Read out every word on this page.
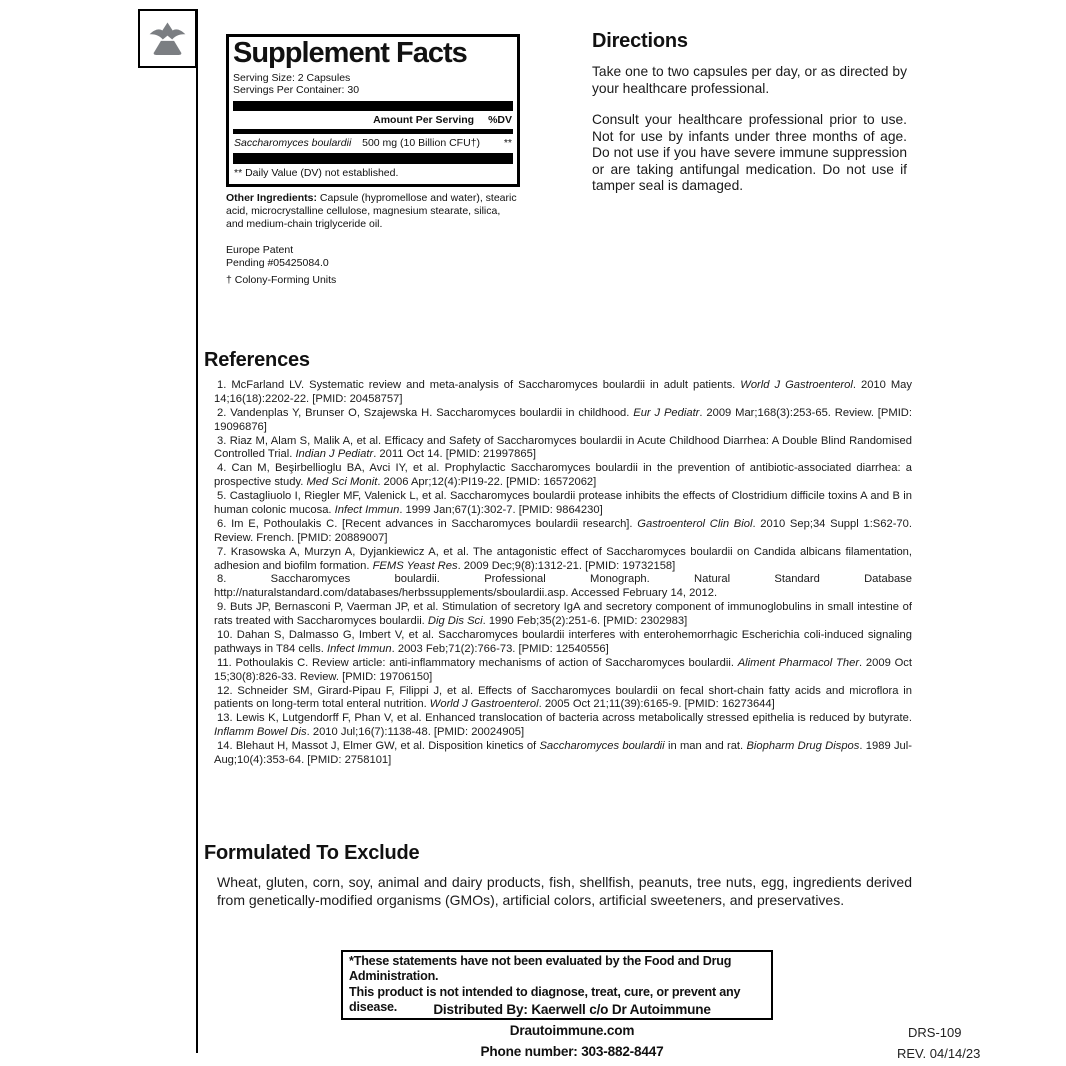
Supplement Facts
Serving Size: 2 Capsules
Servings Per Container: 30
Amount Per Serving %DV
Saccharomyces boulardii	500 mg (10 Billion CFU†)	**
** Daily Value (DV) not established.
Other Ingredients: Capsule (hypromellose and water), stearic acid, microcrystalline cellulose, magnesium stearate, silica, and medium-chain triglyceride oil.
Europe Patent
Pending #05425084.0
† Colony-Forming Units
Directions

Take one to two capsules per day, or as directed by your healthcare professional.

Consult your healthcare professional prior to use. Not for use by infants under three months of age. Do not use if you have severe immune suppression or are taking antifungal medication. Do not use if tamper seal is damaged.

References
1. McFarland LV. Systematic review and meta-analysis of Saccharomyces boulardii in adult patients. World J Gastroenterol. 2010 May 14;16(18):2202-22. [PMID: 20458757]
2. Vandenplas Y, Brunser O, Szajewska H. Saccharomyces boulardii in childhood. Eur J Pediatr. 2009 Mar;168(3):253-65. Review. [PMID: 19096876]
3. Riaz M, Alam S, Malik A, et al. Efficacy and Safety of Saccharomyces boulardii in Acute Childhood Diarrhea: A Double Blind Randomised Controlled Trial. Indian J Pediatr. 2011 Oct 14. [PMID: 21997865]
4. Can M, Beşirbellioglu BA, Avci IY, et al. Prophylactic Saccharomyces boulardii in the prevention of antibiotic-associated diarrhea: a prospective study. Med Sci Monit. 2006 Apr;12(4):PI19-22. [PMID: 16572062]
5. Castagliuolo I, Riegler MF, Valenick L, et al. Saccharomyces boulardii protease inhibits the effects of Clostridium difficile toxins A and B in human colonic mucosa. Infect Immun. 1999 Jan;67(1):302-7. [PMID: 9864230]
6. Im E, Pothoulakis C. [Recent advances in Saccharomyces boulardii research]. Gastroenterol Clin Biol. 2010 Sep;34 Suppl 1:S62-70. Review. French. [PMID: 20889007]
7. Krasowska A, Murzyn A, Dyjankiewicz A, et al. The antagonistic effect of Saccharomyces boulardii on Candida albicans filamentation, adhesion and biofilm formation. FEMS Yeast Res. 2009 Dec;9(8):1312-21. [PMID: 19732158]
8. Saccharomyces boulardii. Professional Monograph. Natural Standard Database http://naturalstandard.com/databases/herbssupplements/sboulardii.asp. Accessed February 14, 2012.
9. Buts JP, Bernasconi P, Vaerman JP, et al. Stimulation of secretory IgA and secretory component of immunoglobulins in small intestine of rats treated with Saccharomyces boulardii. Dig Dis Sci. 1990 Feb;35(2):251-6. [PMID: 2302983]
10. Dahan S, Dalmasso G, Imbert V, et al. Saccharomyces boulardii interferes with enterohemorrhagic Escherichia coli-induced signaling pathways in T84 cells. Infect Immun. 2003 Feb;71(2):766-73. [PMID: 12540556]
11. Pothoulakis C. Review article: anti-inflammatory mechanisms of action of Saccharomyces boulardii. Aliment Pharmacol Ther. 2009 Oct 15;30(8):826-33. Review. [PMID: 19706150]
12. Schneider SM, Girard-Pipau F, Filippi J, et al. Effects of Saccharomyces boulardii on fecal short-chain fatty acids and microflora in patients on long-term total enteral nutrition. World J Gastroenterol. 2005 Oct 21;11(39):6165-9. [PMID: 16273644]
13. Lewis K, Lutgendorff F, Phan V, et al. Enhanced translocation of bacteria across metabolically stressed epithelia is reduced by butyrate. Inflamm Bowel Dis. 2010 Jul;16(7):1138-48. [PMID: 20024905]
14. Blehaut H, Massot J, Elmer GW, et al. Disposition kinetics of Saccharomyces boulardii in man and rat. Biopharm Drug Dispos. 1989 Jul-Aug;10(4):353-64. [PMID: 2758101]
Formulated To Exclude

Wheat, gluten, corn, soy, animal and dairy products, fish, shellfish, peanuts, tree nuts, egg, ingredients derived from genetically-modified organisms (GMOs), artificial colors, artificial sweeteners, and preservatives.

*These statements have not been evaluated by the Food and Drug Administration.
This product is not intended to diagnose, treat, cure, or prevent any disease.	Distributed By: Kaerwell c/o Dr Autoimmune
Drautoimmune.com
Phone number: 303-882-8447
DRS-109
REV. 04/14/23
